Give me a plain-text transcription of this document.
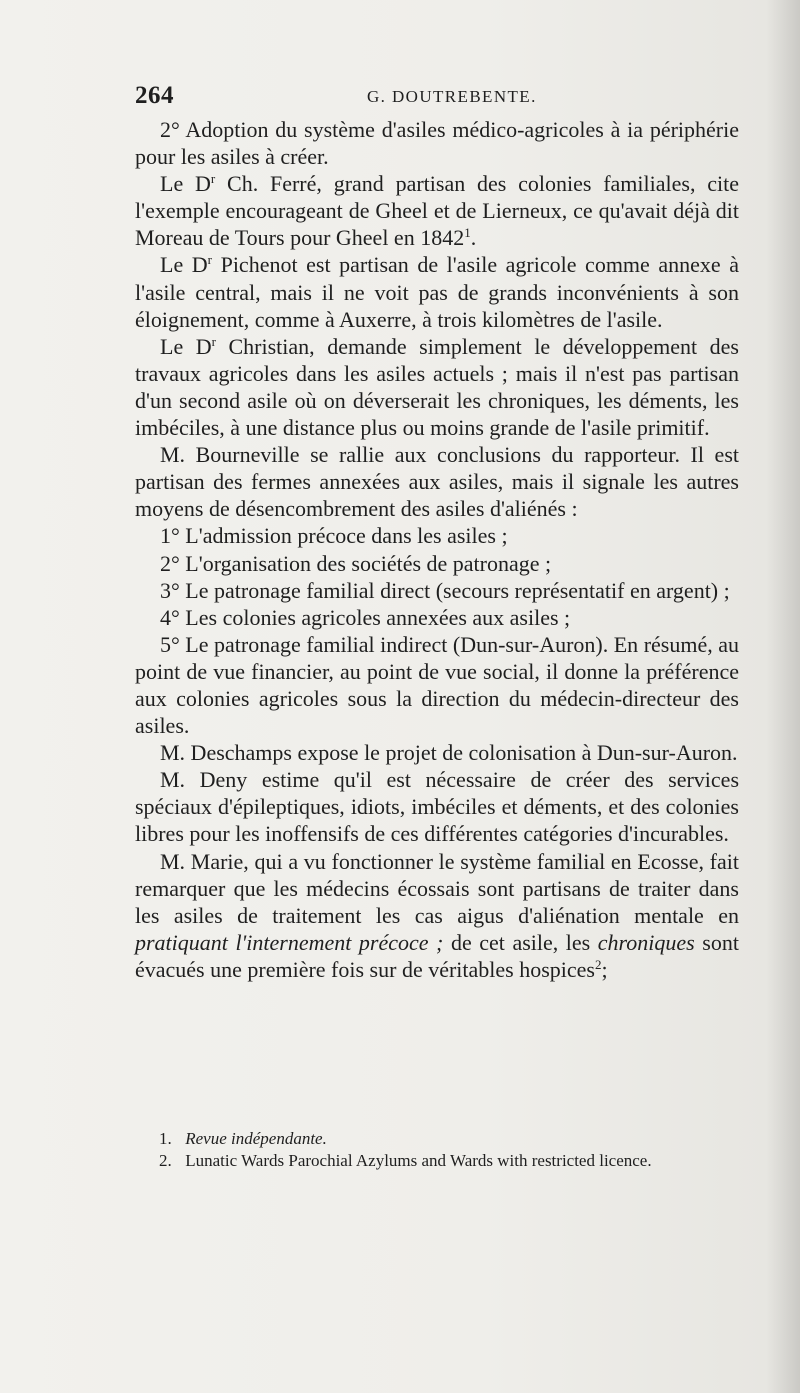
264	G. DOUTREBENTE.

2° Adoption du système d'asiles médico-agricoles à ia périphérie pour les asiles à créer.

Le $D^r$ Ch. Ferré, grand partisan des colonies familiales, cite l'exemple encourageant de Gheel et de Lierneux, ce qu'avait déjà dit Moreau de Tours pour Gheel en 1842$^1$.

Le $D^r$ Pichenot est partisan de l'asile agricole comme annexe à l'asile central, mais il ne voit pas de grands inconvénients à son éloignement, comme à Auxerre, à trois kilomètres de l'asile.

Le $D^r$ Christian, demande simplement le développement des travaux agricoles dans les asiles actuels ; mais il n'est pas partisan d'un second asile où on déverserait les chroniques, les déments, les imbéciles, à une distance plus ou moins grande de l'asile primitif.

M. Bourneville se rallie aux conclusions du rapporteur. Il est partisan des fermes annexées aux asiles, mais il signale les autres moyens de désencombrement des asiles d'aliénés :

1° L'admission précoce dans les asiles ;

2° L'organisation des sociétés de patronage ;

3° Le patronage familial direct (secours représentatif en argent) ;

4° Les colonies agricoles annexées aux asiles ;

5° Le patronage familial indirect (Dun-sur-Auron). En résumé, au point de vue financier, au point de vue social, il donne la préférence aux colonies agricoles sous la direction du médecin-directeur des asiles.

M. Deschamps expose le projet de colonisation à Dun-sur-Auron.

M. Deny estime qu'il est nécessaire de créer des services spéciaux d'épileptiques, idiots, imbéciles et déments, et des colonies libres pour les inoffensifs de ces différentes catégories d'incurables.

M. Marie, qui a vu fonctionner le système familial en Ecosse, fait remarquer que les médecins écossais sont partisans de traiter dans les asiles de traitement les cas aigus d'aliénation mentale en pratiquant l'internement précoce ; de cet asile, les chroniques sont évacués une première fois sur de véritables hospices$^2$;

1. Revue indépendante.

2. Lunatic Wards Parochial Azylums and Wards with restricted licence.
